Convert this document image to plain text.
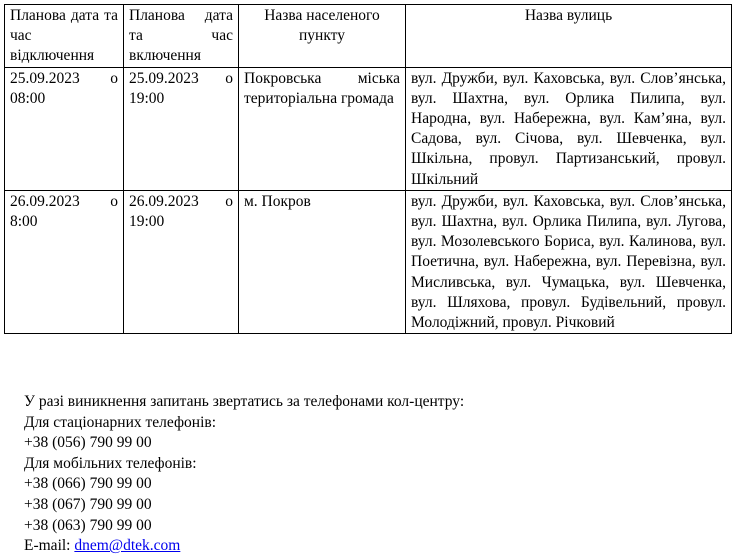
Планова дата та час відключення	Планова дата та час включення	Назва населеного пункту	Назва вулиць
25.09.2023 о 08:00	25.09.2023 о 19:00	Покровська міська територіальна громада	вул. Дружби, вул. Каховська, вул. Слов’янська, вул. Шахтна, вул. Орлика Пилипа, вул. Народна, вул. Набережна, вул. Кам’яна, вул. Садова, вул. Січова, вул. Шевченка, вул. Шкільна, провул. Партизанський, провул. Шкільний
26.09.2023 о 8:00	26.09.2023 о 19:00	м. Покров	вул. Дружби, вул. Каховська, вул. Слов’янська, вул. Шахтна, вул. Орлика Пилипа, вул. Лугова, вул. Мозолевського Бориса, вул. Калинова, вул. Поетична, вул. Набережна, вул. Перевізна, вул. Мисливська, вул. Чумацька, вул. Шевченка, вул. Шляхова, провул. Будівельний, провул. Молодіжний, провул. Річковий
У разі виникнення запитань звертатись за телефонами кол-центру:
Для стаціонарних телефонів:
+38 (056) 790 99 00
Для мобільних телефонів:
+38 (066) 790 99 00
+38 (067) 790 99 00
+38 (063) 790 99 00
E-mail: dnem@dtek.com
